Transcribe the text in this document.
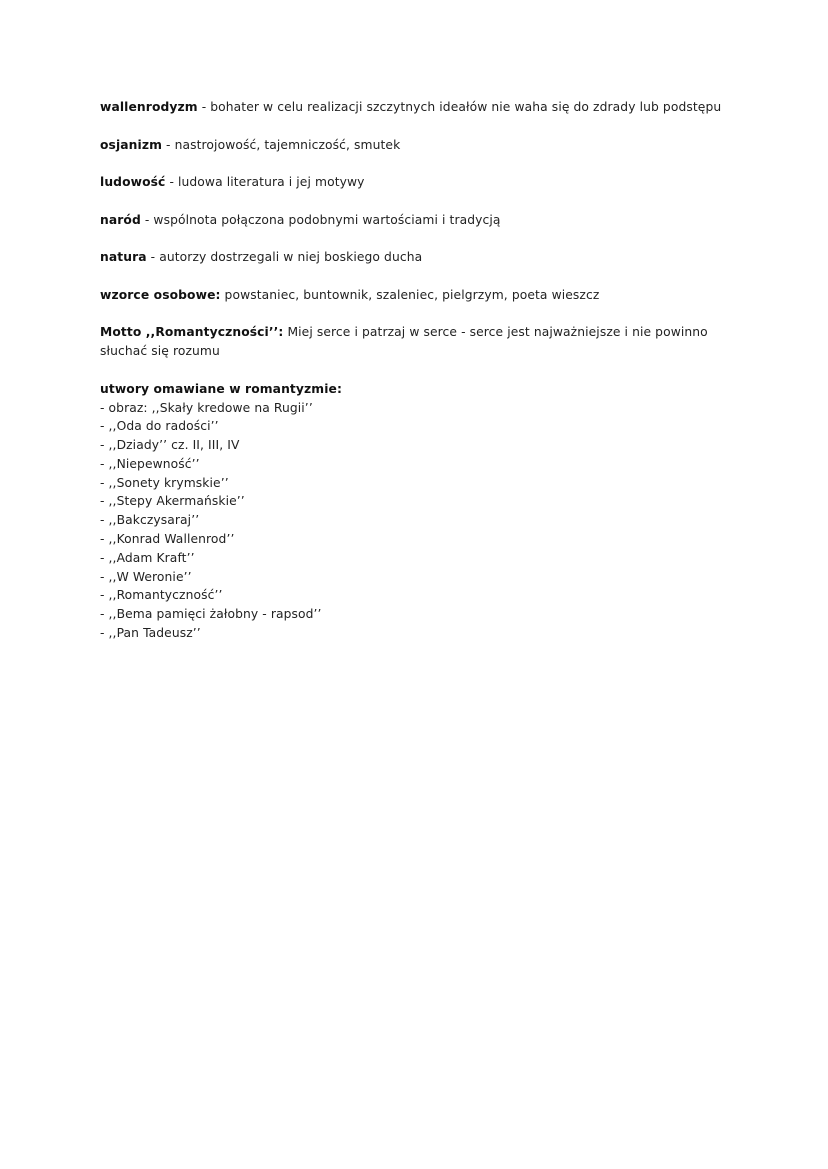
wallenrodyzm - bohater w celu realizacji szczytnych ideałów nie waha się do zdrady lub podstępu

osjanizm - nastrojowość, tajemniczość, smutek

ludowość - ludowa literatura i jej motywy

naród - wspólnota połączona podobnymi wartościami i tradycją

natura - autorzy dostrzegali w niej boskiego ducha

wzorce osobowe: powstaniec, buntownik, szaleniec, pielgrzym, poeta wieszcz

Motto ,,Romantyczności’’: Miej serce i patrzaj w serce - serce jest najważniejsze i nie powinno słuchać się rozumu

utwory omawiane w romantyzmie:

- obraz: ,,Skały kredowe na Rugii’’
- ,,Oda do radości’’
- ,,Dziady’’ cz. II, III, IV
- ,,Niepewność’’
- ,,Sonety krymskie’’
- ,,Stepy Akermańskie’’
- ,,Bakczysaraj’’
- ,,Konrad Wallenrod’’
- ,,Adam Kraft’’
- ,,W Weronie’’
- ,,Romantyczność’’
- ,,Bema pamięci żałobny - rapsod’’
- ,,Pan Tadeusz’’
